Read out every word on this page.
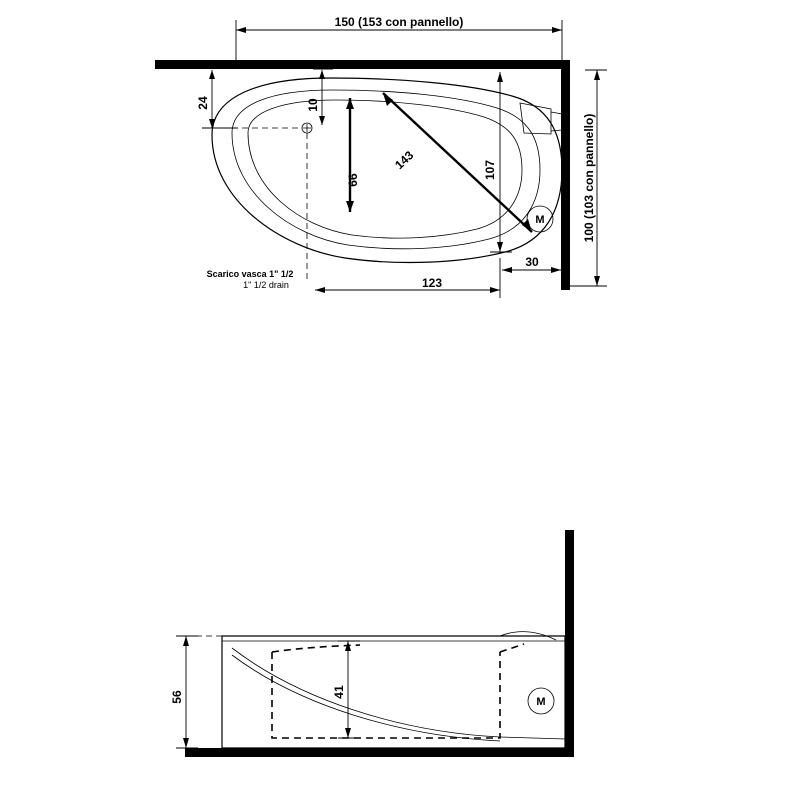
M
150 (153 con pannello)
100 (103 con pannello)
24	10
143
66	107
123
30
Scarico vasca 1" 1/2
1" 1/2 drain
M
56	41
